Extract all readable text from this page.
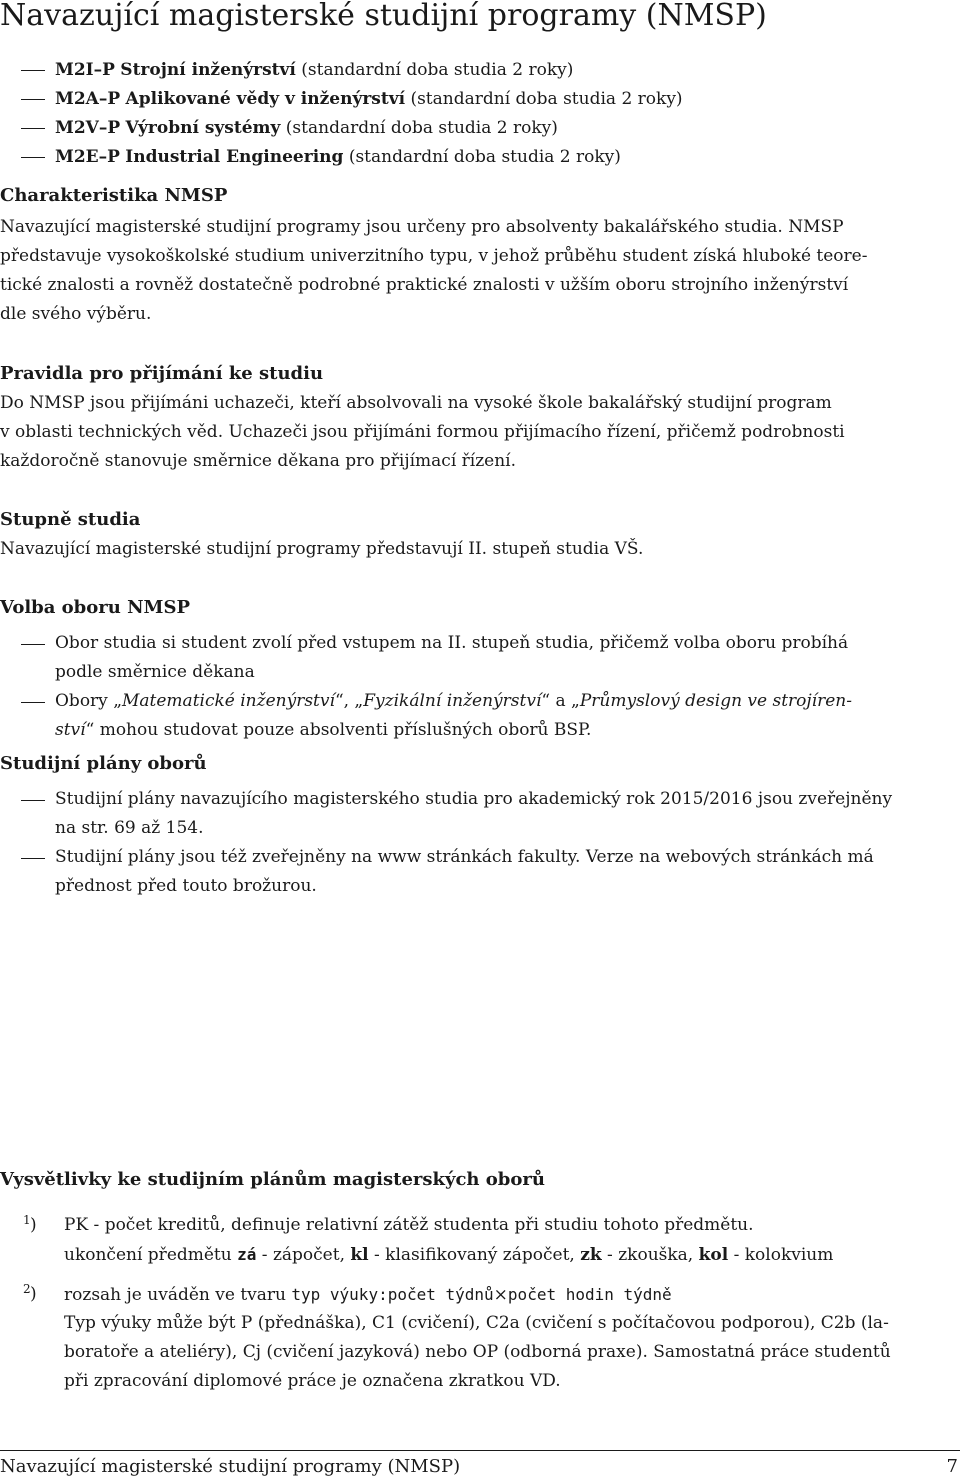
Navazující magisterské studijní programy (NMSP)
M2I–P Strojní inženýrství (standardní doba studia 2 roky)
M2A–P Aplikované vědy v inženýrství (standardní doba studia 2 roky)
M2V–P Výrobní systémy (standardní doba studia 2 roky)
M2E–P Industrial Engineering (standardní doba studia 2 roky)
Charakteristika NMSP
Navazující magisterské studijní programy jsou určeny pro absolventy bakalářského studia. NMSP
představuje vysokoškolské studium univerzitního typu, v jehož průběhu student získá hluboké teore-
tické znalosti a rovněž dostatečně podrobné praktické znalosti v užším oboru strojního inženýrství
dle svého výběru.
Pravidla pro přijímání ke studiu
Do NMSP jsou přijímáni uchazeči, kteří absolvovali na vysoké škole bakalářský studijní program
v oblasti technických věd. Uchazeči jsou přijímáni formou přijímacího řízení, přičemž podrobnosti
každoročně stanovuje směrnice děkana pro přijímací řízení.
Stupně studia
Navazující magisterské studijní programy představují II. stupeň studia VŠ.
Volba oboru NMSP
Obor studia si student zvolí před vstupem na II. stupeň studia, přičemž volba oboru probíhá
podle směrnice děkana
Obory „Matematické inženýrství“, „Fyzikální inženýrství“ a „Průmyslový design ve strojíren-
ství“ mohou studovat pouze absolventi příslušných oborů BSP.
Studijní plány oborů
Studijní plány navazujícího magisterského studia pro akademický rok 2015/2016 jsou zveřejněny
na str. 69 až 154.
Studijní plány jsou též zveřejněny na www stránkách fakulty. Verze na webových stránkách má
přednost před touto brožurou.
Vysvětlivky ke studijním plánům magisterských oborů
1 ) PK - počet kreditů, definuje relativní zátěž studenta při studiu tohoto předmětu.
ukončení předmětu zá - zápočet, kl - klasifikovaný zápočet, zk - zkouška, kol - kolokvium
2 ) rozsah je uváděn ve tvaru typ výuky:počet týdnů×počet hodin týdně
Typ výuky může být P (přednáška), C1 (cvičení), C2a (cvičení s počítačovou podporou), C2b (la-
boratoře a ateliéry), Cj (cvičení jazyková) nebo OP (odborná praxe). Samostatná práce studentů
při zpracování diplomové práce je označena zkratkou VD.
Navazující magisterské studijní programy (NMSP)	7
